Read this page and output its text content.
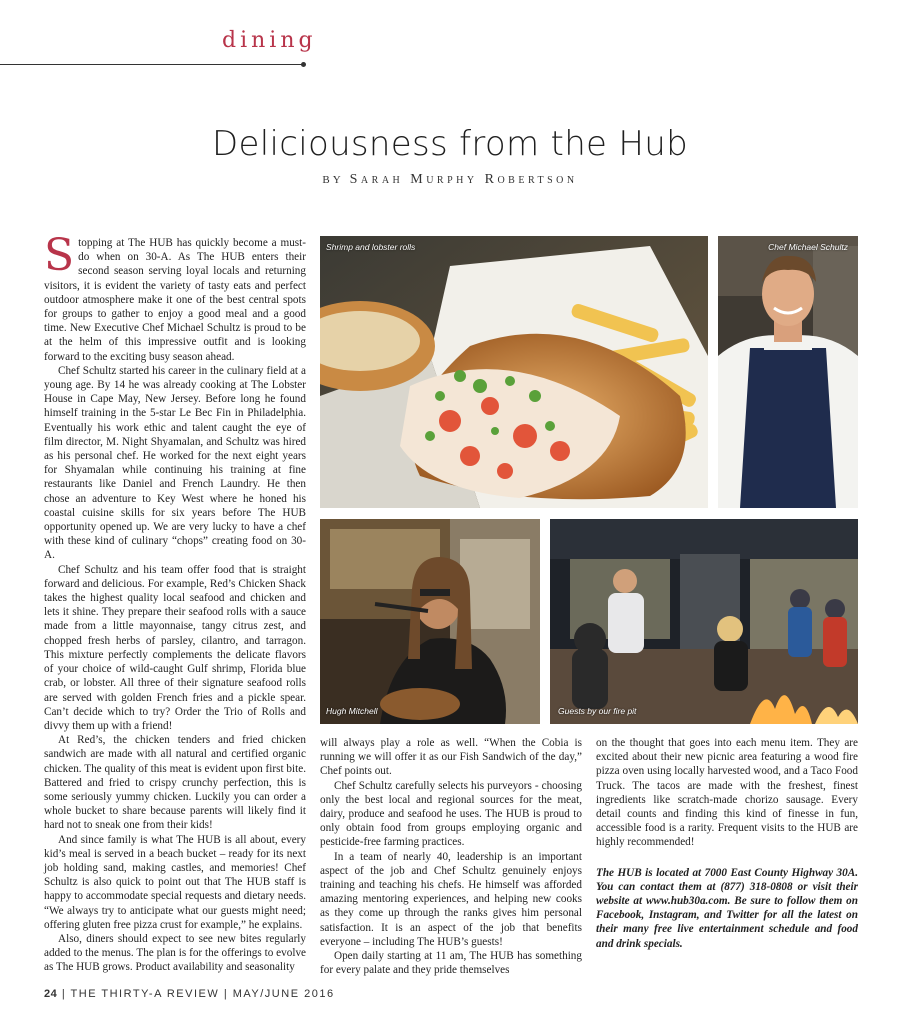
dining
Deliciousness from the Hub
BY Sarah Murphy Robertson

Stopping at The HUB has quickly become a must-do when on 30-A. As The HUB enters their second season serving loyal locals and returning visitors, it is evident the variety of tasty eats and perfect outdoor atmosphere make it one of the best central spots for groups to gather to enjoy a good meal and a good time. New Executive Chef Michael Schultz is proud to be at the helm of this impressive outfit and is looking forward to the exciting busy season ahead.

Chef Schultz started his career in the culinary field at a young age. By 14 he was already cooking at The Lobster House in Cape May, New Jersey. Before long he found himself training in the 5-star Le Bec Fin in Philadelphia. Eventually his work ethic and talent caught the eye of film director, M. Night Shyamalan, and Schultz was hired as his personal chef. He worked for the next eight years for Shyamalan while continuing his training at fine restaurants like Daniel and French Laundry. He then chose an adventure to Key West where he honed his coastal cuisine skills for six years before The HUB opportunity opened up. We are very lucky to have a chef with these kind of culinary “chops” creating food on 30-A.

Chef Schultz and his team offer food that is straight forward and delicious. For example, Red’s Chicken Shack takes the highest quality local seafood and chicken and lets it shine. They prepare their seafood rolls with a sauce made from a little mayonnaise, tangy citrus zest, and chopped fresh herbs of parsley, cilantro, and tarragon. This mixture perfectly complements the delicate flavors of your choice of wild-caught Gulf shrimp, Florida blue crab, or lobster. All three of their signature seafood rolls are served with golden French fries and a pickle spear. Can’t decide which to try? Order the Trio of Rolls and divvy them up with a friend!

At Red’s, the chicken tenders and fried chicken sandwich are made with all natural and certified organic chicken. The quality of this meat is evident upon first bite. Battered and fried to crispy crunchy perfection, this is some seriously yummy chicken. Luckily you can order a whole bucket to share because parents will likely find it hard not to sneak one from their kids!

And since family is what The HUB is all about, every kid’s meal is served in a beach bucket – ready for its next job holding sand, making castles, and memories! Chef Schultz is also quick to point out that The HUB staff is happy to accommodate special requests and dietary needs. “We always try to anticipate what our guests might need; offering gluten free pizza crust for example,” he explains.

Also, diners should expect to see new bites regularly added to the menus. The plan is for the offerings to evolve as The HUB grows. Product availability and seasonality

will always play a role as well. “When the Cobia is running we will offer it as our Fish Sandwich of the day,” Chef points out.

Chef Schultz carefully selects his purveyors - choosing only the best local and regional sources for the meat, dairy, produce and seafood he uses. The HUB is proud to only obtain food from groups employing organic and pesticide-free farming practices.

In a team of nearly 40, leadership is an important aspect of the job and Chef Schultz genuinely enjoys training and teaching his chefs. He himself was afforded amazing mentoring experiences, and helping new cooks as they come up through the ranks gives him personal satisfaction. It is an aspect of the job that benefits everyone – including The HUB’s guests!

Open daily starting at 11 am, The HUB has something for every palate and they pride themselves

on the thought that goes into each menu item. They are excited about their new picnic area featuring a wood fire pizza oven using locally harvested wood, and a Taco Food Truck. The tacos are made with the freshest, finest ingredients like scratch-made chorizo sausage. Every detail counts and finding this kind of finesse in fun, accessible food is a rarity. Frequent visits to the HUB are highly recommended!

The HUB is located at 7000 East County Highway 30A. You can contact them at (877) 318-0808 or visit their website at www.hub30a.com. Be sure to follow them on Facebook, Instagram, and Twitter for all the latest on their many free live entertainment schedule and food and drink specials.

Shrimp and lobster rolls	Chef Michael Schultz
Hugh Mitchell	Guests by our fire pit
24 | THE THIRTY-A REVIEW | MAY/JUNE 2016
